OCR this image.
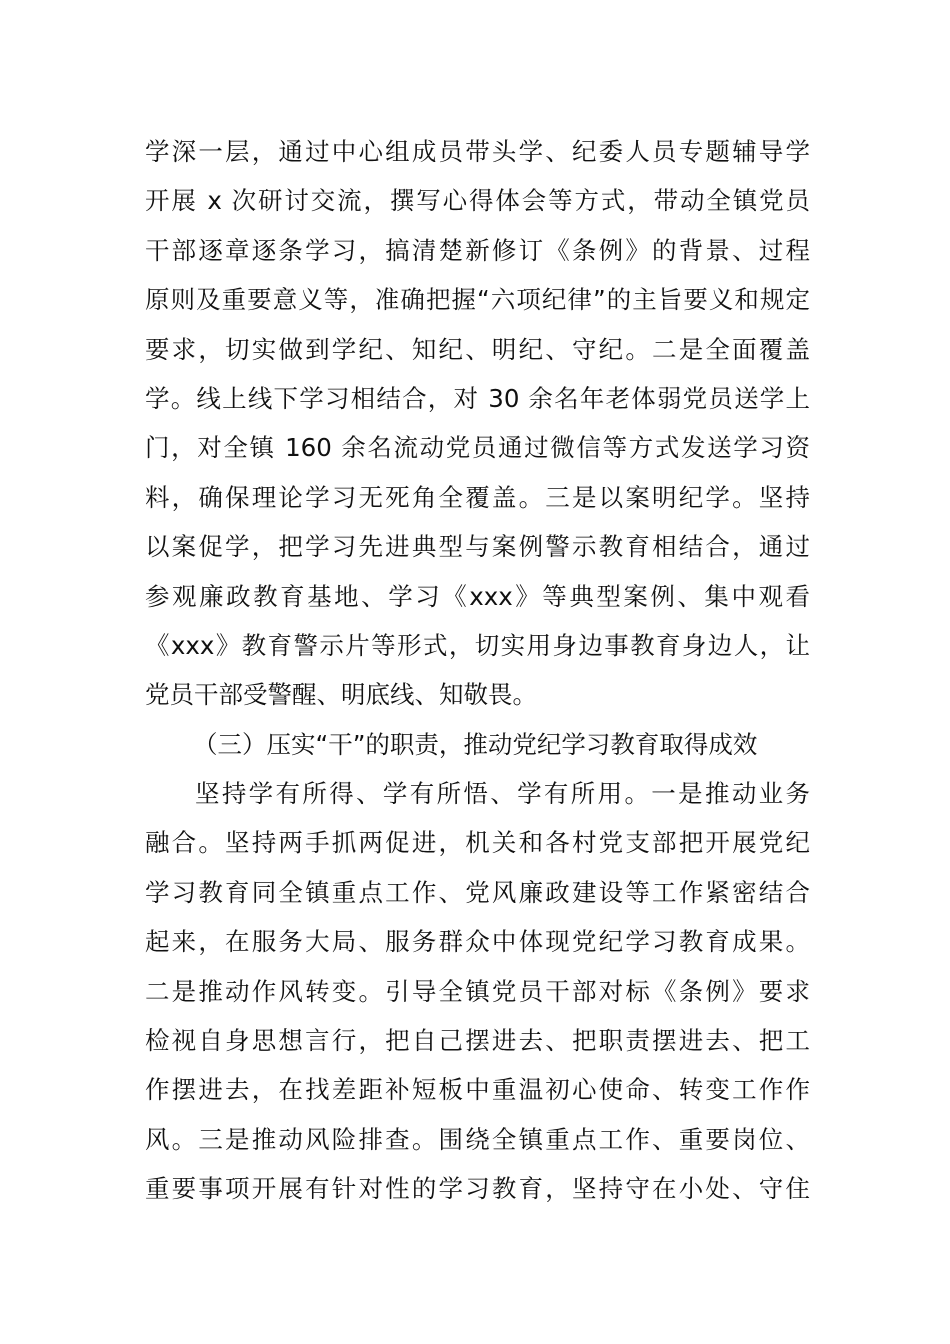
学深一层，通过中心组成员带头学、纪委人员专题辅导学
开展 x 次研讨交流，撰写心得体会等方式，带动全镇党员
干部逐章逐条学习，搞清楚新修订《条例》的背景、过程
原则及重要意义等，准确把握“六项纪律”的主旨要义和规定
要求，切实做到学纪、知纪、明纪、守纪。二是全面覆盖
学。线上线下学习相结合，对 30 余名年老体弱党员送学上
门，对全镇 160 余名流动党员通过微信等方式发送学习资
料，确保理论学习无死角全覆盖。三是以案明纪学。坚持
以案促学，把学习先进典型与案例警示教育相结合，通过
参观廉政教育基地、学习《xxx》等典型案例、集中观看
《xxx》教育警示片等形式，切实用身边事教育身边人，让
党员干部受警醒、明底线、知敬畏。
（三）压实“干”的职责，推动党纪学习教育取得成效
坚持学有所得、学有所悟、学有所用。一是推动业务
融合。坚持两手抓两促进，机关和各村党支部把开展党纪
学习教育同全镇重点工作、党风廉政建设等工作紧密结合
起来，在服务大局、服务群众中体现党纪学习教育成果。
二是推动作风转变。引导全镇党员干部对标《条例》要求
检视自身思想言行，把自己摆进去、把职责摆进去、把工
作摆进去，在找差距补短板中重温初心使命、转变工作作
风。三是推动风险排查。围绕全镇重点工作、重要岗位、
重要事项开展有针对性的学习教育，坚持守在小处、守住
